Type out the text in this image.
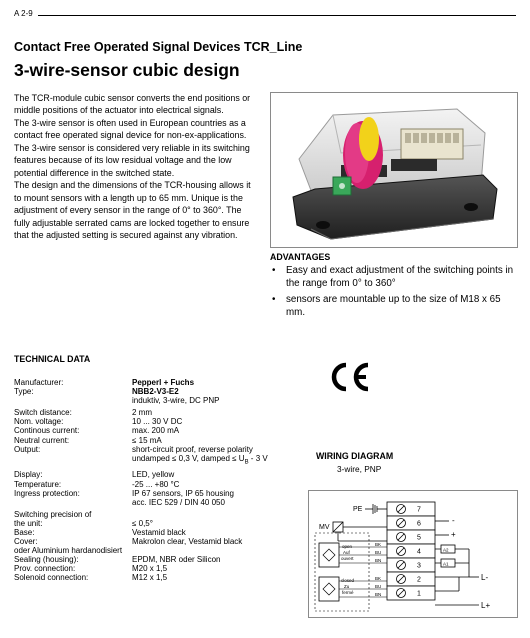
A 2-9
Contact Free Operated Signal Devices TCR_Line
3-wire-sensor cubic design

The TCR-module cubic sensor converts the end positions or middle positions of the actuator into electrical signals.

The 3-wire sensor is often used in European countries as a contact free operated signal device for non-ex-applications.

The 3-wire sensor is considered very reliable in its switching features because of its low residual voltage and the low potential difference in the switched state.

The design and the dimensions of the TCR-housing allows it to mount sensors with a length up to 65 mm. Unique is the adjustment of every sensor in the range of 0° to 360°. The fully adjustable serrated cams are locked together to ensure that the adjusted setting is secured against any vibration.

ADVANTAGES
• Easy and exact adjustment of the switching points in the range from 0° to 360°
• sensors are mountable up to the size of M18 x 65 mm.
TECHNICAL DATA
Manufacturer:	Pepperl + Fuchs
Type:	NBB2-V3-E2
induktiv, 3-wire, DC PNP
Switch distance:	2 mm
Nom. voltage:	10 ... 30 V DC
Continous current:	max. 200 mA
Neutral current:	≤ 15 mA
Output:	short-circuit proof, reverse polarity
undamped ≤ 0,3 V, damped ≤ $U_B - 3$ V
Display:	LED, yellow
Temperature:	-25 ... +80 °C
Ingress protection:	IP 67 sensors, IP 65 housing
acc. IEC 529 / DIN 40 050
Switching precision of
the unit:	≤ 0,5°
Base:	Vestamid black
Cover:	Makrolon clear, Vestamid black
oder Aluminium hardanodisiert
Sealing (housing):	EPDM, NBR oder Silicon
Prov. connection:	M20 x 1,5
Solenoid connection:	M12 x 1,5
WIRING DIAGRAM
3-wire, PNP
PE
MV
open
Auf
ouvert
closed
Zu
fermé
BK
BU
BN
BK
BU
BN
7
6
5
4
3
2
1
-
+
A2
A1
L-
L+
